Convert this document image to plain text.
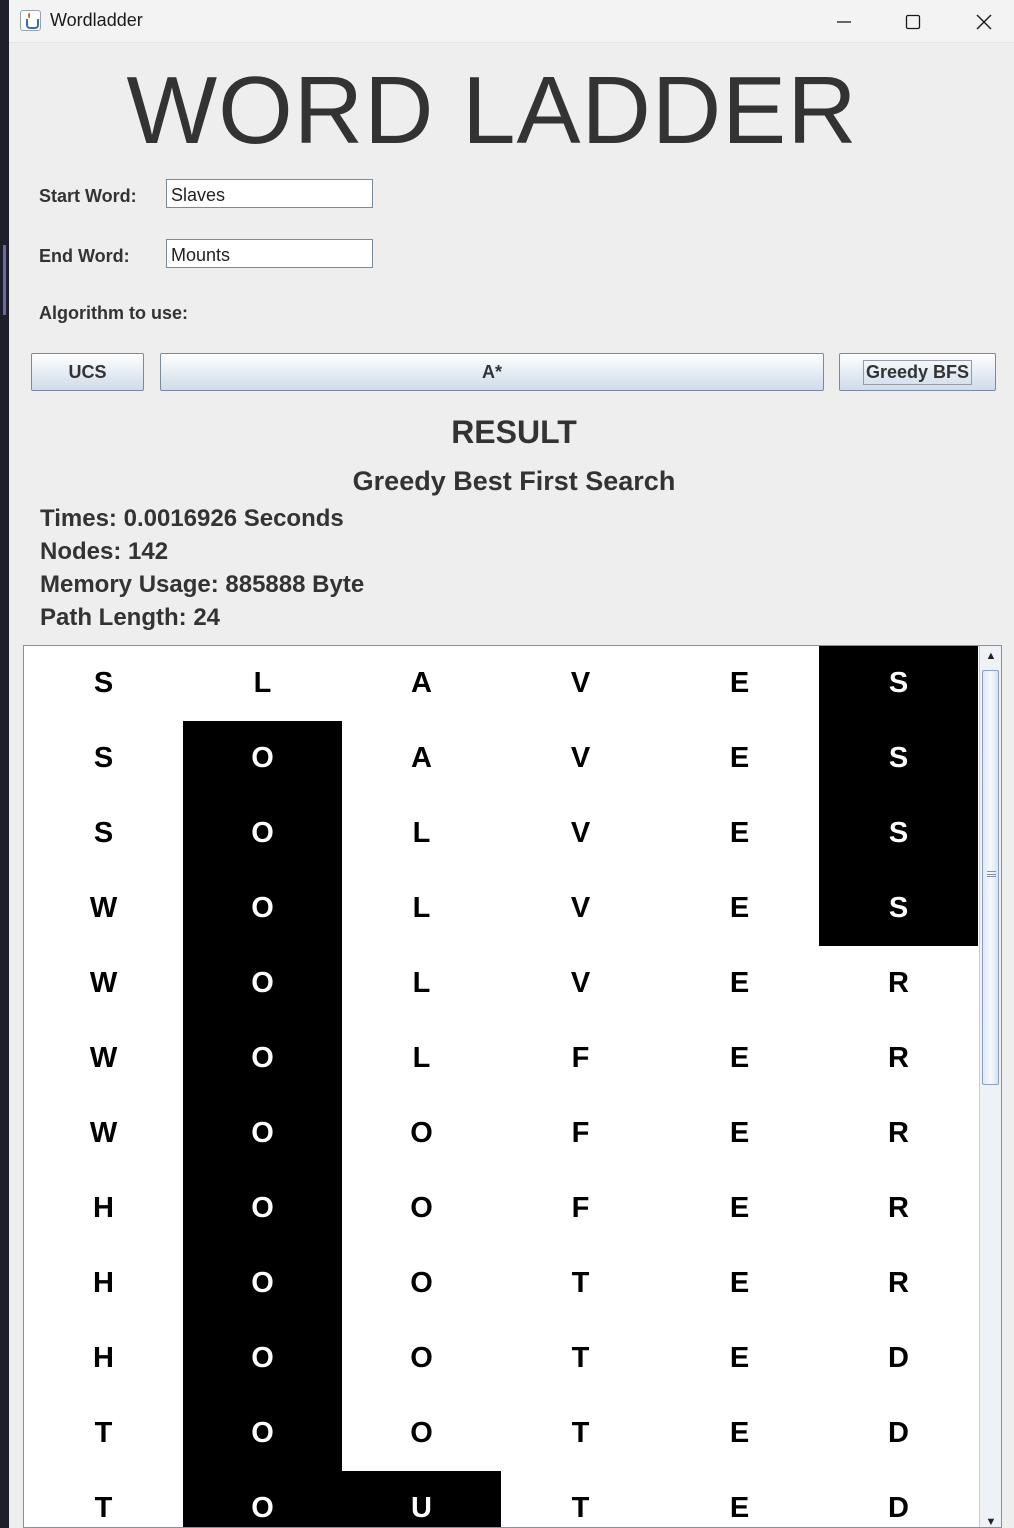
Wordladder
WORD LADDER
Start Word:
Slaves
End Word:
Mounts
Algorithm to use:
UCS	A*	Greedy BFS
RESULT
Greedy Best First Search
Times: 0.0016926 Seconds
Nodes: 142
Memory Usage: 885888 Byte
Path Length: 24
S	L	A	V	E	S
S	O	A	V	E	S
S	O	L	V	E	S
W	O	L	V	E	S
W	O	L	V	E	R
W	O	L	F	E	R
W	O	O	F	E	R
H	O	O	F	E	R
H	O	O	T	E	R
H	O	O	T	E	D
T	O	O	T	E	D
T	O	U	T	E	D
▲
▼
